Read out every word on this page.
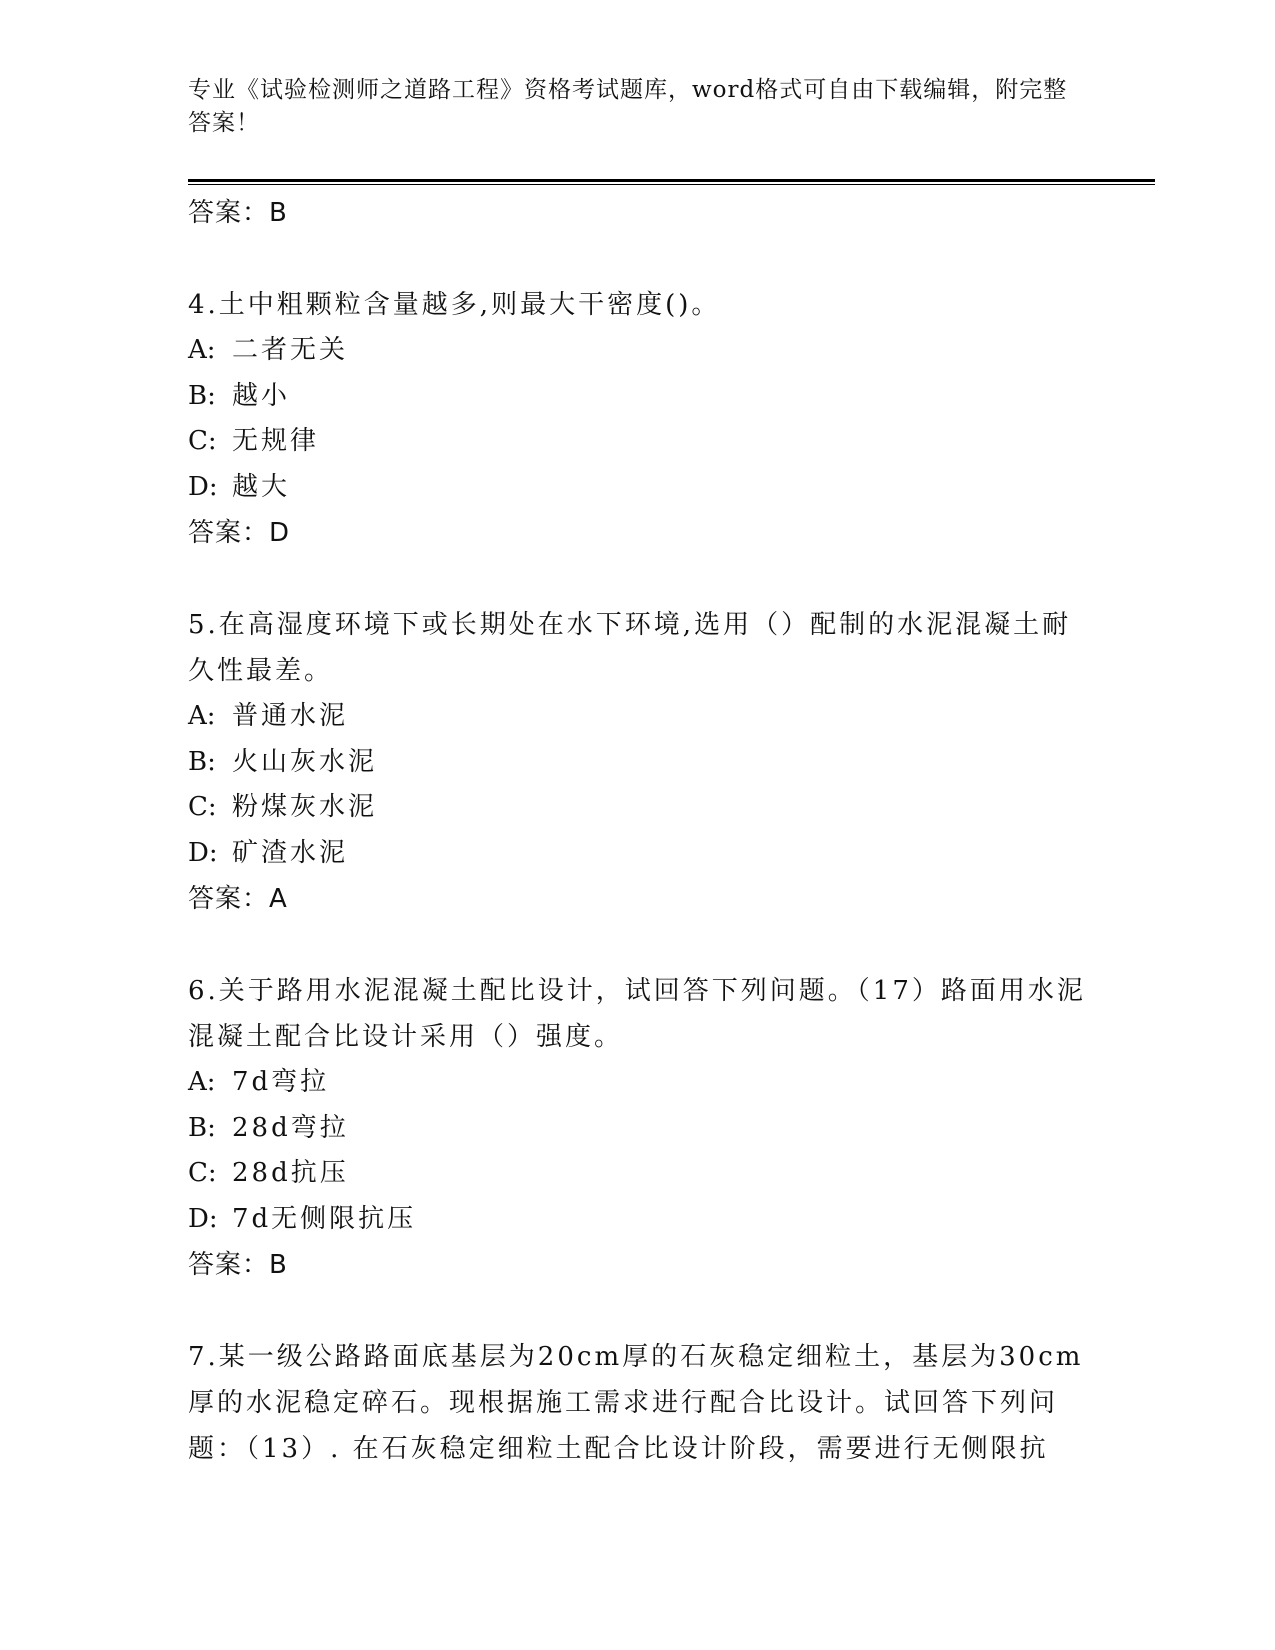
专业《试验检测师之道路工程》资格考试题库，word格式可自由下载编辑，附完整答案！
答案：B
4.土中粗颗粒含量越多,则最大干密度()。
A: 二者无关
B: 越小
C: 无规律
D: 越大
答案：D
5.在高湿度环境下或长期处在水下环境,选用（）配制的水泥混凝土耐久性最差。
A: 普通水泥
B: 火山灰水泥
C: 粉煤灰水泥
D: 矿渣水泥
答案：A
6.关于路用水泥混凝土配比设计，试回答下列问题。（17）路面用水泥混凝土配合比设计采用（）强度。
A: 7d弯拉
B: 28d弯拉
C: 28d抗压
D: 7d无侧限抗压
答案：B
7.某一级公路路面底基层为20cm厚的石灰稳定细粒土，基层为30cm厚的水泥稳定碎石。现根据施工需求进行配合比设计。试回答下列问题：（13）. 在石灰稳定细粒土配合比设计阶段，需要进行无侧限抗
